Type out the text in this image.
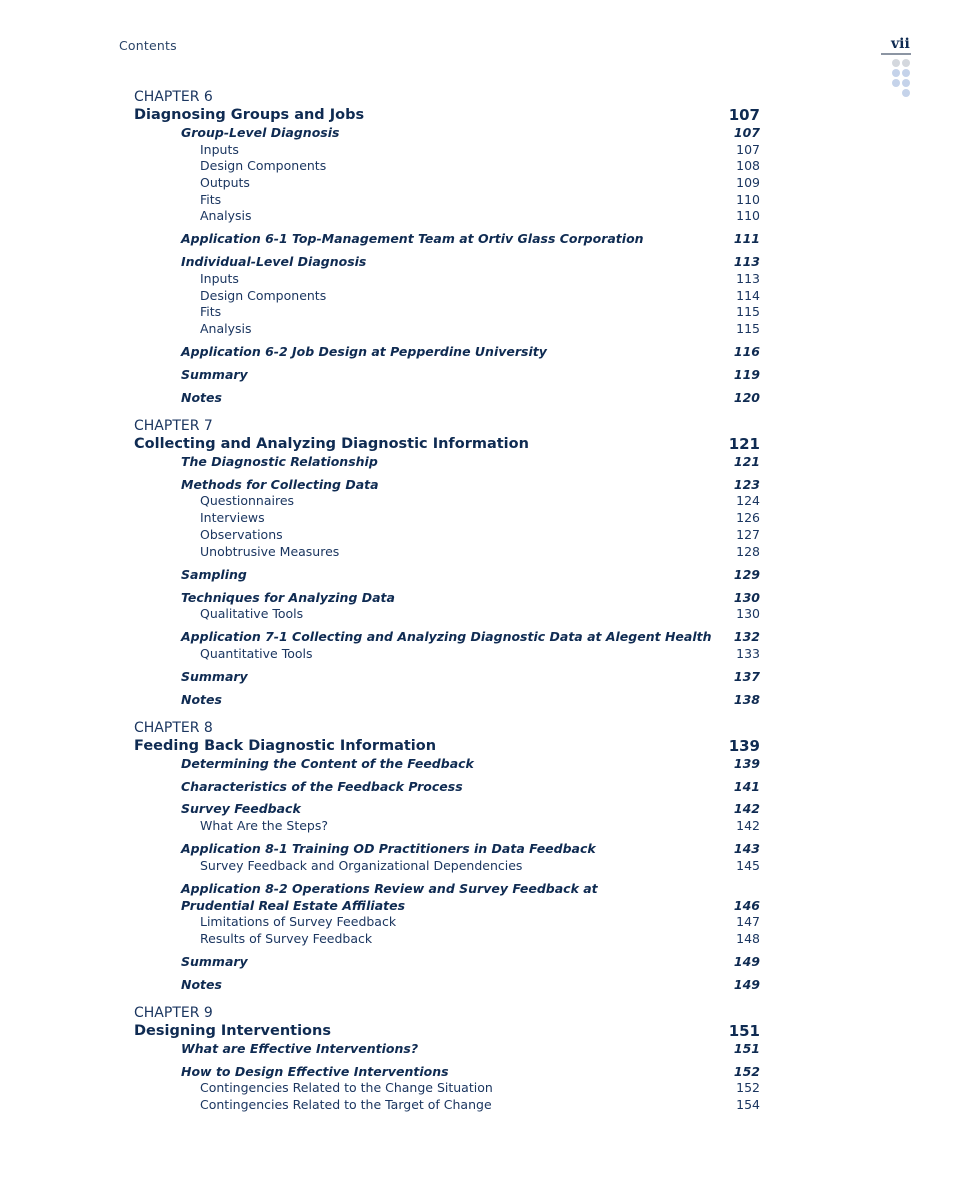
Contents	vii
CHAPTER 6
Diagnosing Groups and Jobs	107
Group-Level Diagnosis	107
Inputs	107
Design Components	108
Outputs	109
Fits	110
Analysis	110
Application 6-1 Top-Management Team at Ortiv Glass Corporation	111
Individual-Level Diagnosis	113
Inputs	113
Design Components	114
Fits	115
Analysis	115
Application 6-2 Job Design at Pepperdine University	116
Summary	119
Notes	120
CHAPTER 7
Collecting and Analyzing Diagnostic Information	121
The Diagnostic Relationship	121
Methods for Collecting Data	123
Questionnaires	124
Interviews	126
Observations	127
Unobtrusive Measures	128
Sampling	129
Techniques for Analyzing Data	130
Qualitative Tools	130
Application 7-1 Collecting and Analyzing Diagnostic Data at Alegent Health 132
Quantitative Tools	133
Summary	137
Notes	138
CHAPTER 8
Feeding Back Diagnostic Information	139
Determining the Content of the Feedback	139
Characteristics of the Feedback Process	141
Survey Feedback	142
What Are the Steps?	142
Application 8-1 Training OD Practitioners in Data Feedback	143
Survey Feedback and Organizational Dependencies	145
Application 8-2 Operations Review and Survey Feedback at
Prudential Real Estate Affiliates	146
Limitations of Survey Feedback	147
Results of Survey Feedback	148
Summary	149
Notes	149
CHAPTER 9
Designing Interventions	151
What are Effective Interventions?	151
How to Design Effective Interventions	152
Contingencies Related to the Change Situation	152
Contingencies Related to the Target of Change	154
